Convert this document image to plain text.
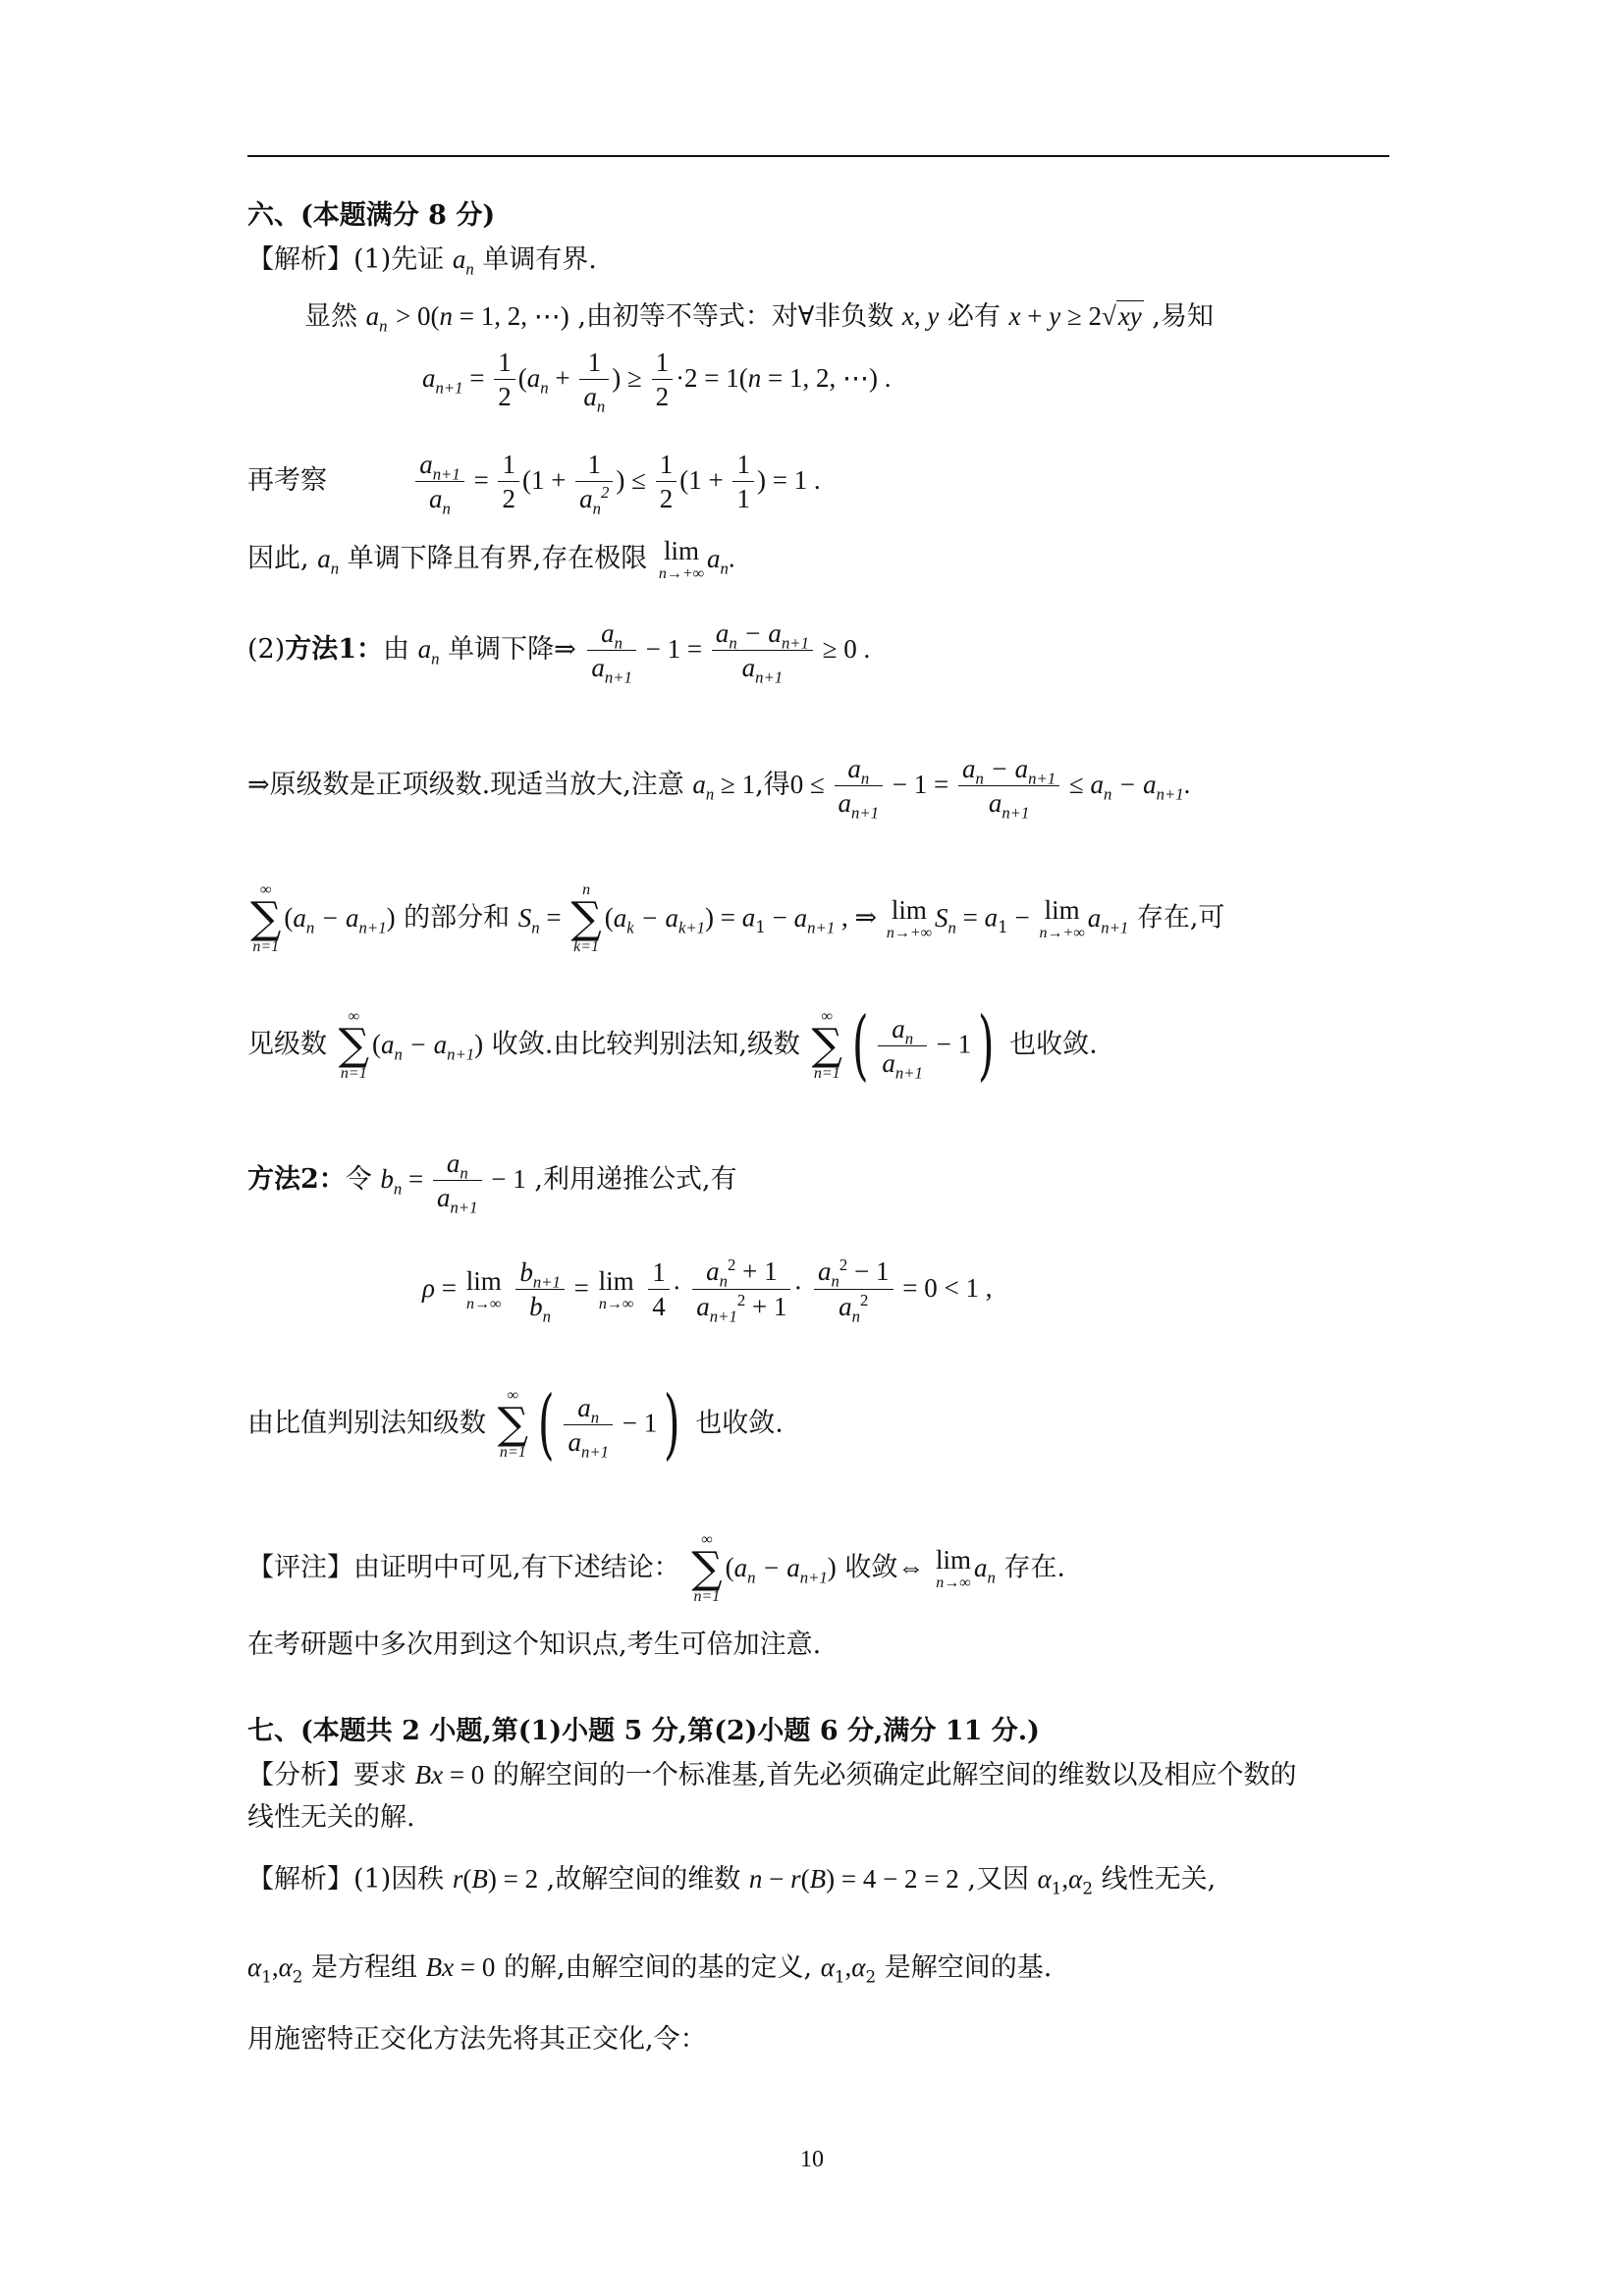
六、(本题满分 8 分)
【解析】(1)先证 $a_n$ 单调有界.
显然 $a_n > 0(n = 1$, 2, ⋯) ,由初等不等式：对∀非负数 x, y 必有 x + y ≥ 2√xy ,易知
$a_{n+1} = \frac{1}{2} (a_n + \frac{1}{a_n}$ ) ≥ $\frac{1}{2} \cdot 2 = 1(n = 1$, 2, ⋯) .
再考察	$\frac{a_{n+1}}{a_n} = \frac{1}{2} (1 + \frac{1}{a_n^2}$ ) ≤ $\frac{1}{2} (1 + \frac{1}{1}$ ) = 1 .
因此, $a_n$ 单调下降且有界,存在极限 lim
n→+∞
$a_n$.
(2)方法1：由 $a_n$ 单调下降⇒ $\frac{a_n}{a_{n+1}} - 1 = \frac{a_n - a_{n+1}}{a_{n+1}} \ge 0$ .
⇒原级数是正项级数.现适当放大,注意 $a_n \ge 1$,得$0 \le \frac{a_n}{a_{n+1}} - 1 = \frac{a_n - a_{n+1}}{a_{n+1}} \le a_n - a_{n+1}$.
∞
∑
n=1
$(a_n - a_{n+1})$ 的部分和 $S_n$ =
n
∑
k=1
$(a_k - a_{k+1}) = a_1 - a_{n+1}$ , ⇒ lim
n→+∞
$S_n = a_1 - \lim$
n→+∞
$a_{n+1}$ 存在,可
见级数
∞
∑
n=1
$(a_n - a_{n+1})$ 收敛.由比较判别法知,级数
∞
∑
n=1 ( $\frac{a_n}{a_{n+1}} - 1$) 也收敛.
方法2：令 $b_n = \frac{a_n}{a_{n+1}} - 1$ ,利用递推公式,有
ρ = lim
n→∞
$\frac{b_{n+1}}{b_n} = \lim$
n→∞
$\frac{1}{4} \cdot \frac{a_n^2 + 1}{a_{n+1}^2 + 1} \cdot \frac{a_n^2 - 1}{a_n^2} = 0 < 1$ ,
由比值判别法知级数
∞
∑
n=1 ( $\frac{a_n}{a_{n+1}} - 1$) 也收敛.
【评注】由证明中可见,有下述结论：
∞
∑
n=1
$(a_n - a_{n+1})$ 收敛⇔ lim
n→∞
$a_n$ 存在.
在考研题中多次用到这个知识点,考生可倍加注意.
七、(本题共 2 小题,第(1)小题 5 分,第(2)小题 6 分,满分 11 分.)
【分析】要求 Bx = 0 的解空间的一个标准基,首先必须确定此解空间的维数以及相应个数的
线性无关的解.
【解析】(1)因秩 r(B) = 2 ,故解空间的维数 n − r(B) = 4 − 2 = 2 ,又因 $\alpha_1,\alpha_2$ 线性无关,
$\alpha_1,\alpha_2$ 是方程组 Bx = 0 的解,由解空间的基的定义, $\alpha_1,\alpha_2$ 是解空间的基.
用施密特正交化方法先将其正交化,令：
10
